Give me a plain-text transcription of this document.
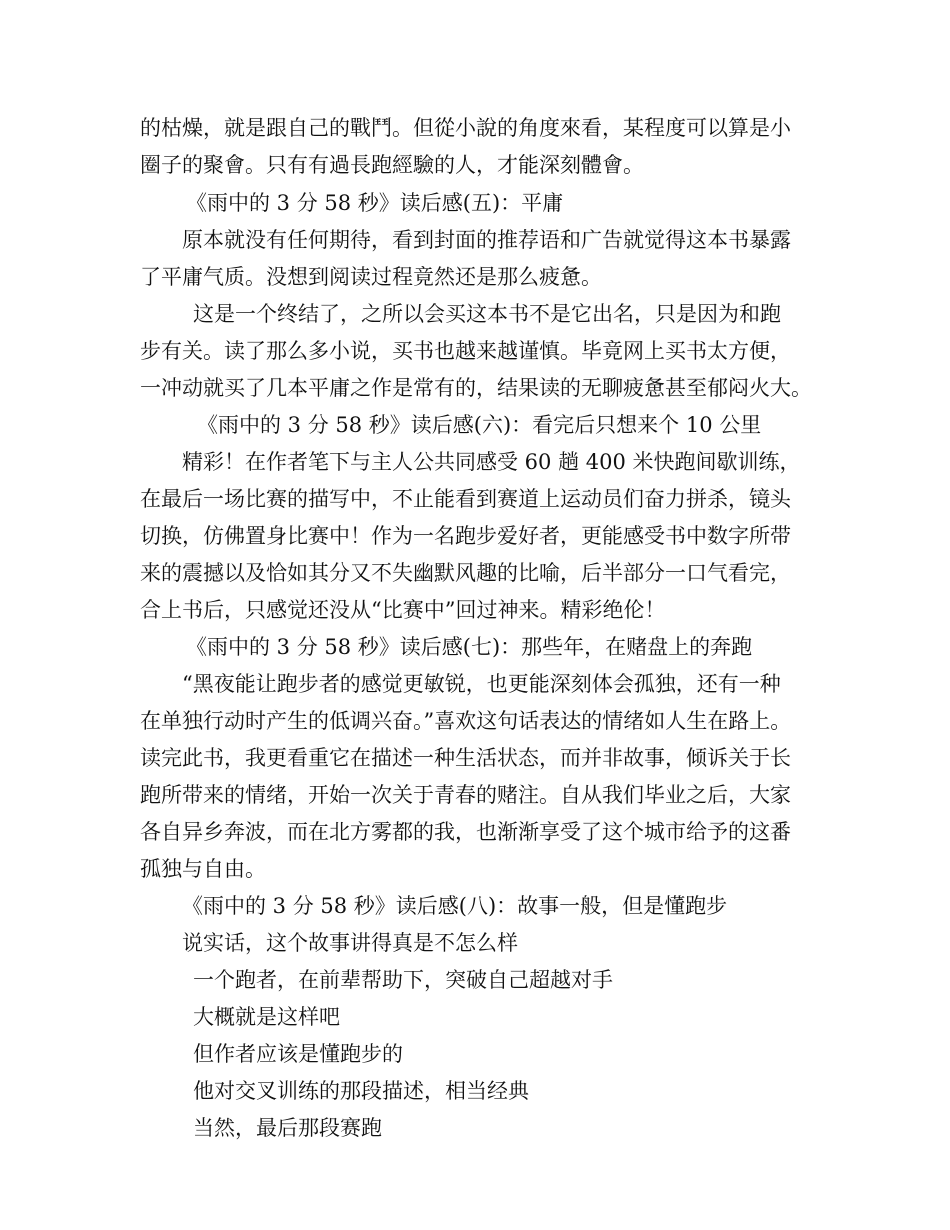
的枯燥，就是跟自己的戰鬥。但從小說的角度來看，某程度可以算是小
圈子的聚會。只有有過長跑經驗的人，才能深刻體會。
《雨中的 3 分 58 秒》读后感(五)：平庸
原本就没有任何期待，看到封面的推荐语和广告就觉得这本书暴露
了平庸气质。没想到阅读过程竟然还是那么疲惫。
这是一个终结了，之所以会买这本书不是它出名，只是因为和跑
步有关。读了那么多小说，买书也越来越谨慎。毕竟网上买书太方便，
一冲动就买了几本平庸之作是常有的，结果读的无聊疲惫甚至郁闷火大。
《雨中的 3 分 58 秒》读后感(六)：看完后只想来个 10 公里
精彩！在作者笔下与主人公共同感受 60 趟 400 米快跑间歇训练，
在最后一场比赛的描写中，不止能看到赛道上运动员们奋力拼杀，镜头
切换，仿佛置身比赛中！作为一名跑步爱好者，更能感受书中数字所带
来的震撼以及恰如其分又不失幽默风趣的比喻，后半部分一口气看完，
合上书后，只感觉还没从“比赛中”回过神来。精彩绝伦！
《雨中的 3 分 58 秒》读后感(七)：那些年，在赌盘上的奔跑
“黑夜能让跑步者的感觉更敏锐，也更能深刻体会孤独，还有一种
在单独行动时产生的低调兴奋。”喜欢这句话表达的情绪如人生在路上。
读完此书，我更看重它在描述一种生活状态，而并非故事，倾诉关于长
跑所带来的情绪，开始一次关于青春的赌注。自从我们毕业之后，大家
各自异乡奔波，而在北方雾都的我，也渐渐享受了这个城市给予的这番
孤独与自由。
《雨中的 3 分 58 秒》读后感(八)：故事一般，但是懂跑步
说实话，这个故事讲得真是不怎么样
一个跑者，在前辈帮助下，突破自己超越对手
大概就是这样吧
但作者应该是懂跑步的
他对交叉训练的那段描述，相当经典
当然，最后那段赛跑
